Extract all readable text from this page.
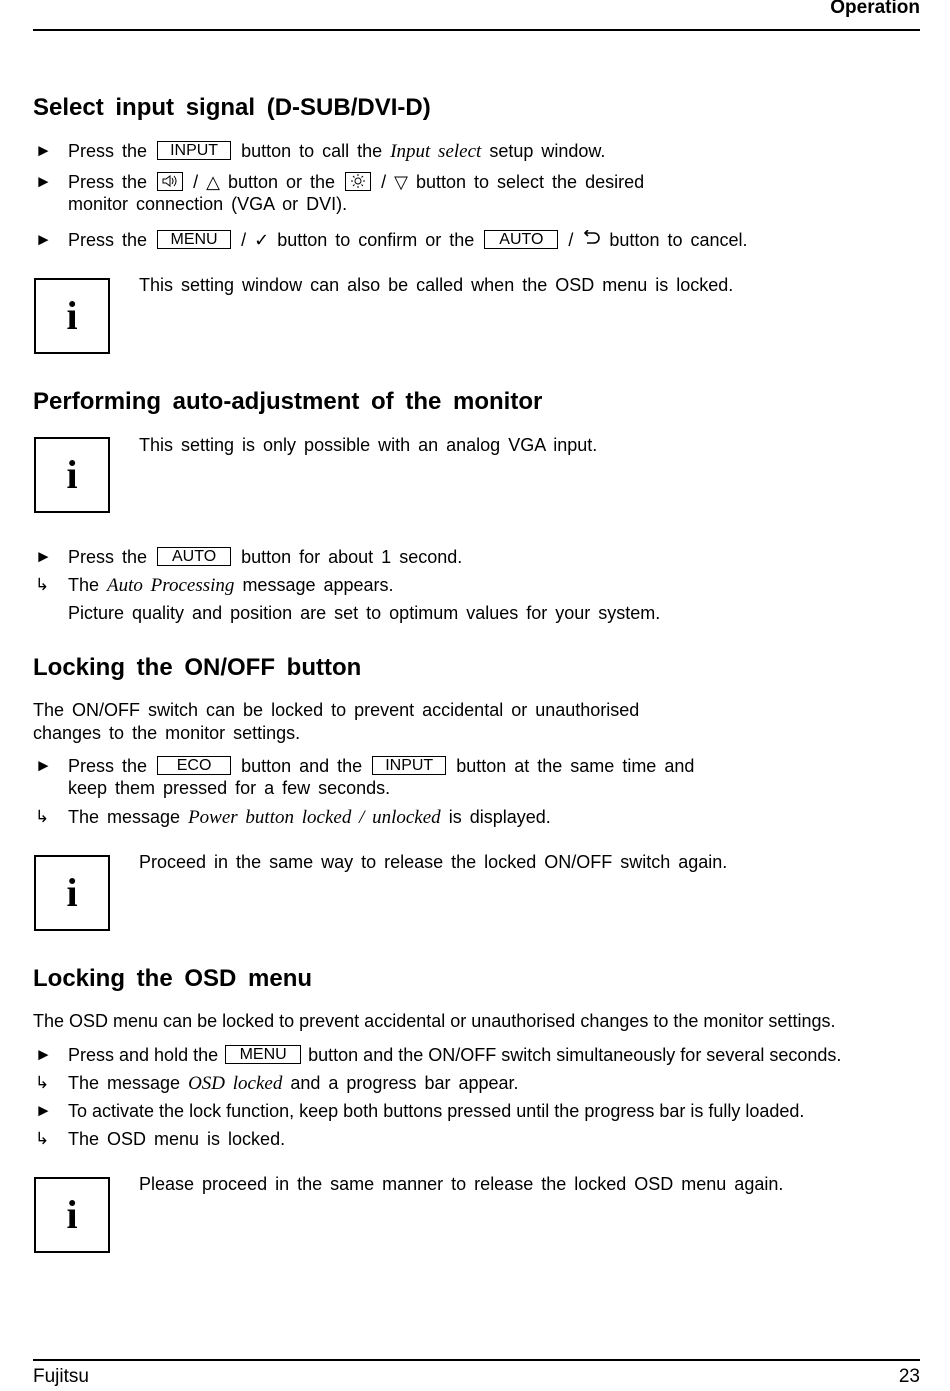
Operation
Select input signal (D-SUB/DVI-D)
► Press the INPUT button to call the Input select setup window.
► Press the	/ △ button or the	/ ▽ button to select the desired
monitor connection (VGA or DVI).
► Press the MENU / ✓ button to confirm or the AUTO / button to cancel.
i
This setting window can also be called when the OSD menu is locked.
Performing auto-adjustment of the monitor
i
This setting is only possible with an analog VGA input.
► Press the AUTO button for about 1 second.
↳ The Auto Processing message appears.
Picture quality and position are set to optimum values for your system.
Locking the ON/OFF button
The ON/OFF switch can be locked to prevent accidental or unauthorised
changes to the monitor settings.
► Press the ECO button and the INPUT button at the same time and
keep them pressed for a few seconds.
↳ The message Power button locked / unlocked is displayed.
i
Proceed in the same way to release the locked ON/OFF switch again.
Locking the OSD menu
The OSD menu can be locked to prevent accidental or unauthorised changes to the monitor settings.
► Press and hold the MENU button and the ON/OFF switch simultaneously for several seconds.
↳ The message OSD locked and a progress bar appear.
► To activate the lock function, keep both buttons pressed until the progress bar is fully loaded.
↳ The OSD menu is locked.
i
Please proceed in the same manner to release the locked OSD menu again.
Fujitsu	23
